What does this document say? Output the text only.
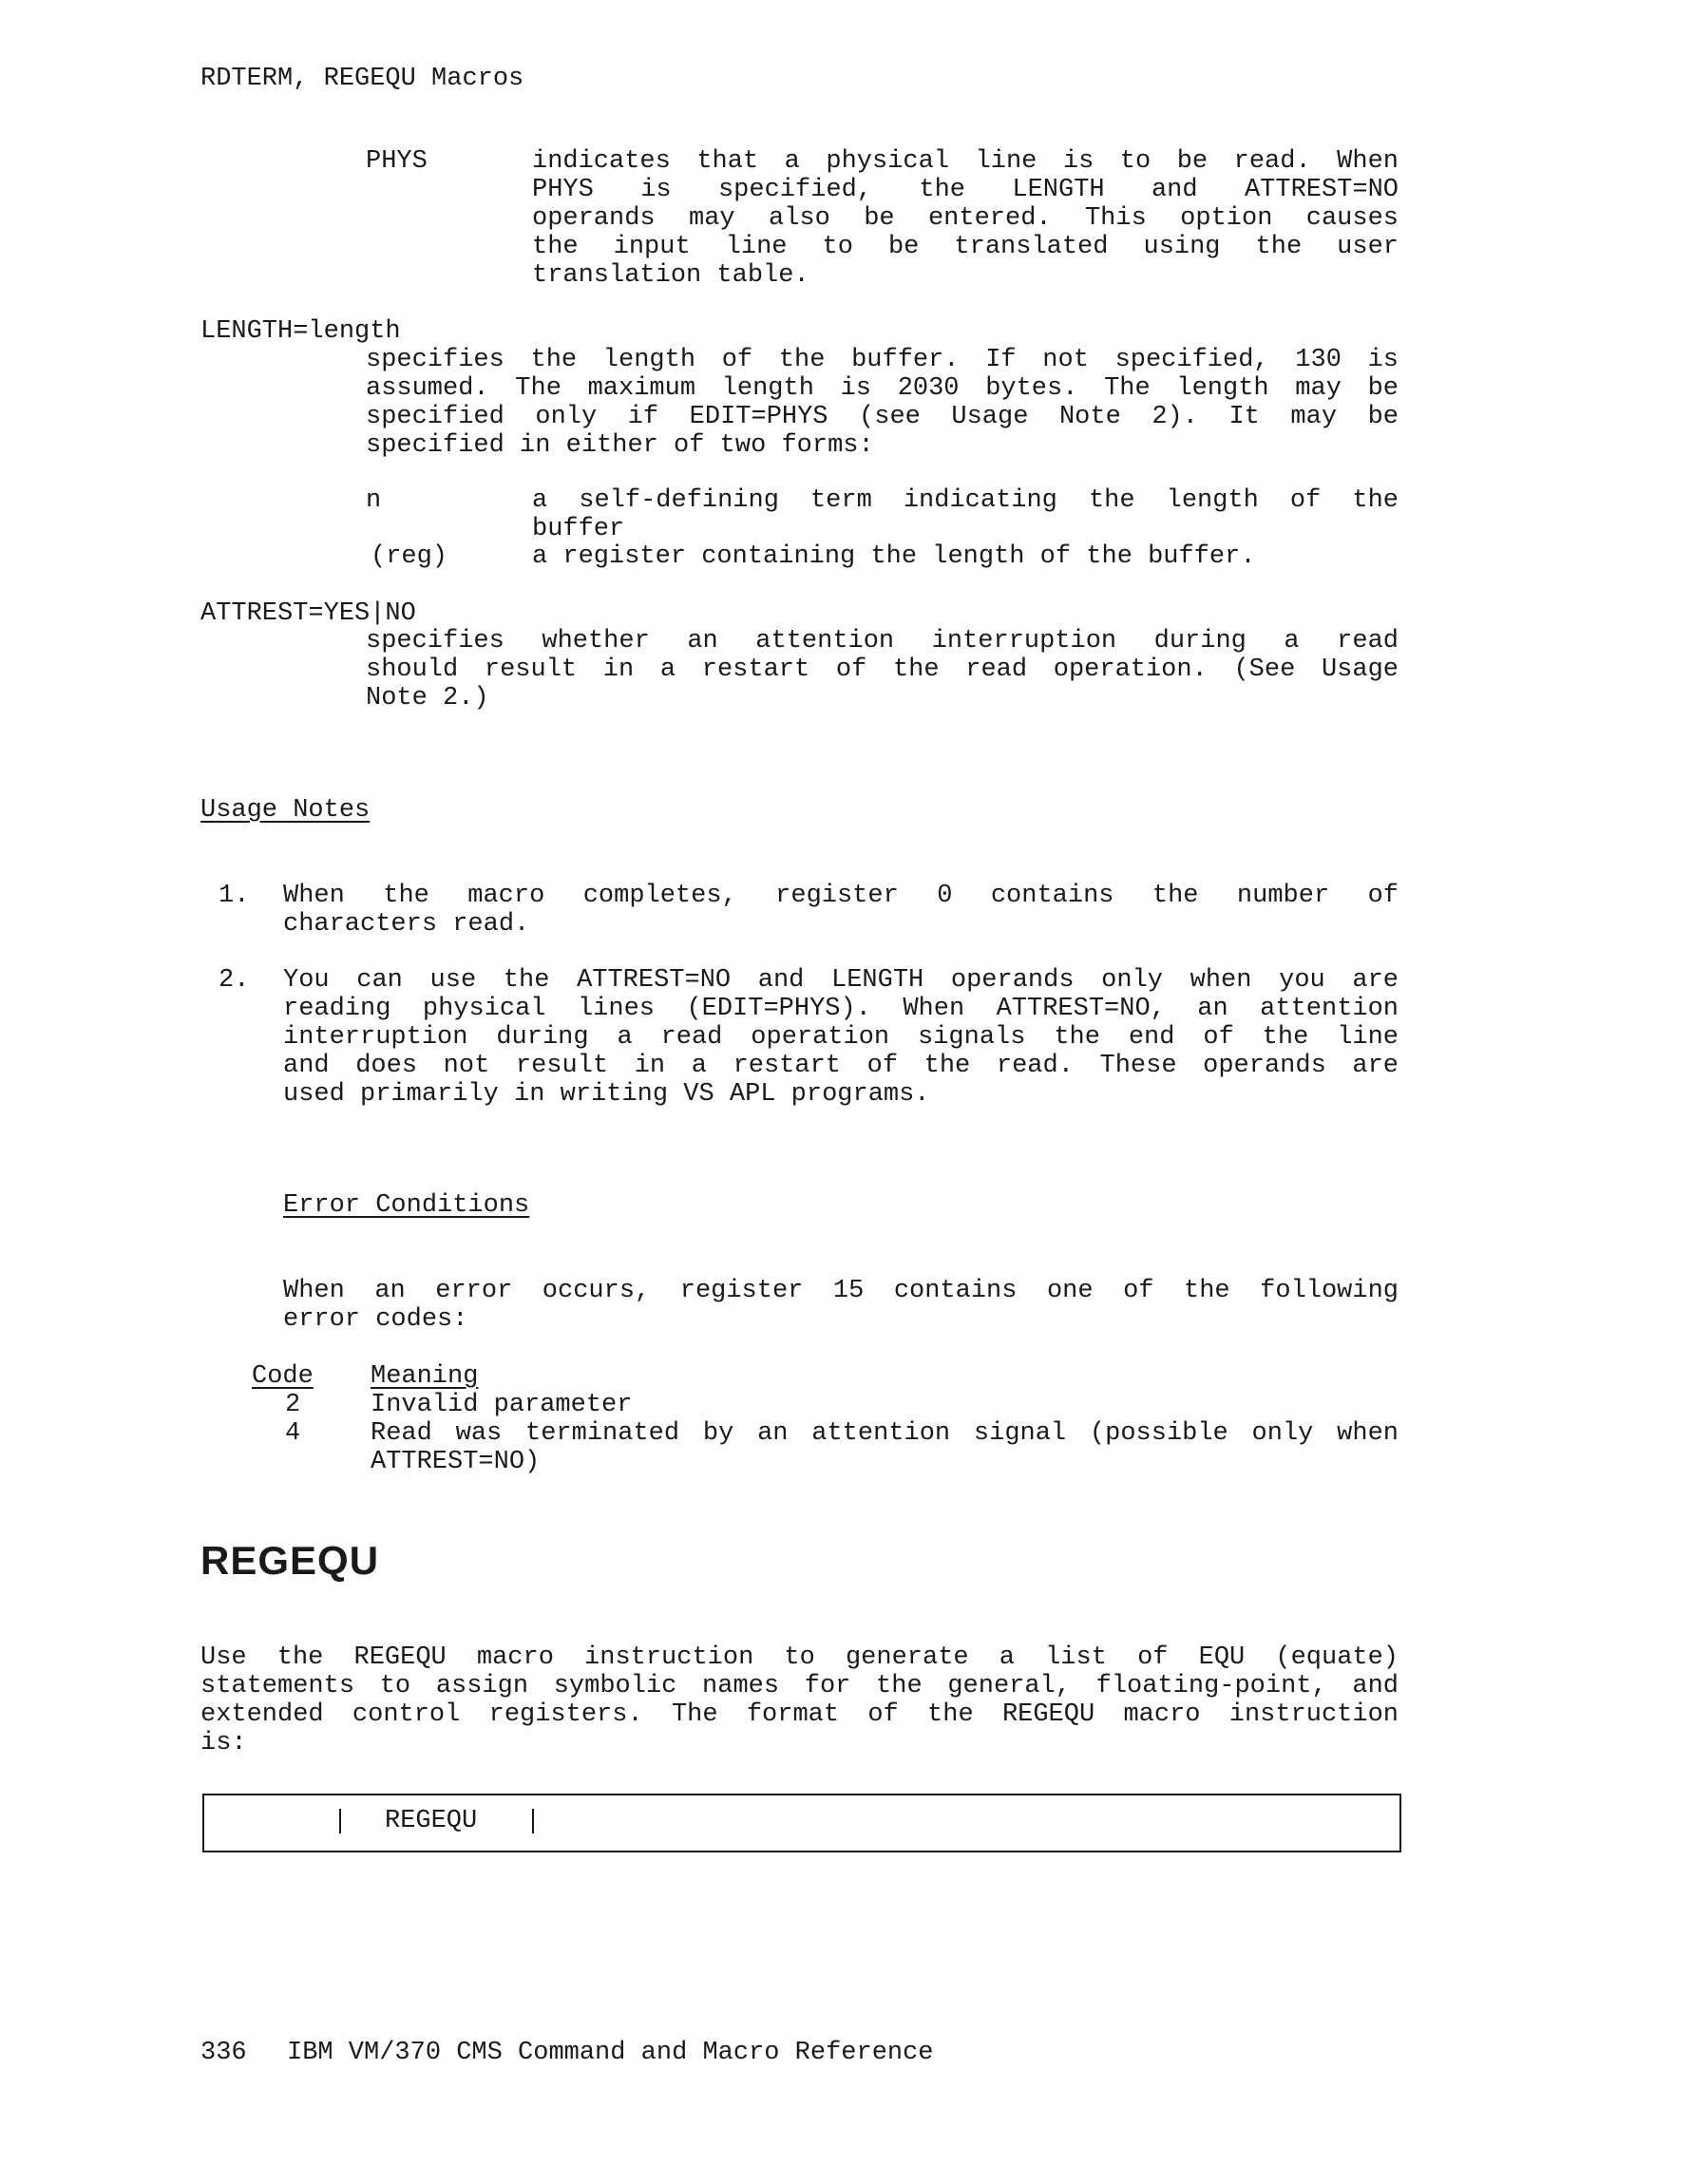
RDTERM, REGEQU Macros
PHYS	indicates that a physical line is to be read. When
PHYS is specified, the LENGTH and ATTREST=NO
operands may also be entered. This option causes
the input line to be translated using the user
translation table.
LENGTH=length
specifies the length of the buffer. If not specified, 130 is
assumed. The maximum length is 2030 bytes. The length may be
specified only if EDIT=PHYS (see Usage Note 2). It may be
specified in either of two forms:
n	a self-defining term indicating the length of the
buffer
(reg)	a register containing the length of the buffer.
ATTREST=YES|NO
specifies whether an attention interruption during a read
should result in a restart of the read operation. (See Usage
Note 2.)
Usage Notes
1. When the macro completes, register 0 contains the number of
characters read.
2. You can use the ATTREST=NO and LENGTH operands only when you are
reading physical lines (EDIT=PHYS). When ATTREST=NO, an attention
interruption during a read operation signals the end of the line
and does not result in a restart of the read. These operands are
used primarily in writing VS APL programs.
Error Conditions
When an error occurs, register 15 contains one of the following
error codes:
Code Meaning
2	Invalid parameter
4	Read was terminated by an attention signal (possible only when
ATTREST=NO)
REGEQU
Use the REGEQU macro instruction to generate a list of EQU (equate)
statements to assign symbolic names for the general, floating-point, and
extended control registers. The format of the REGEQU macro instruction
is:
REGEQU
336 IBM VM/370 CMS Command and Macro Reference
